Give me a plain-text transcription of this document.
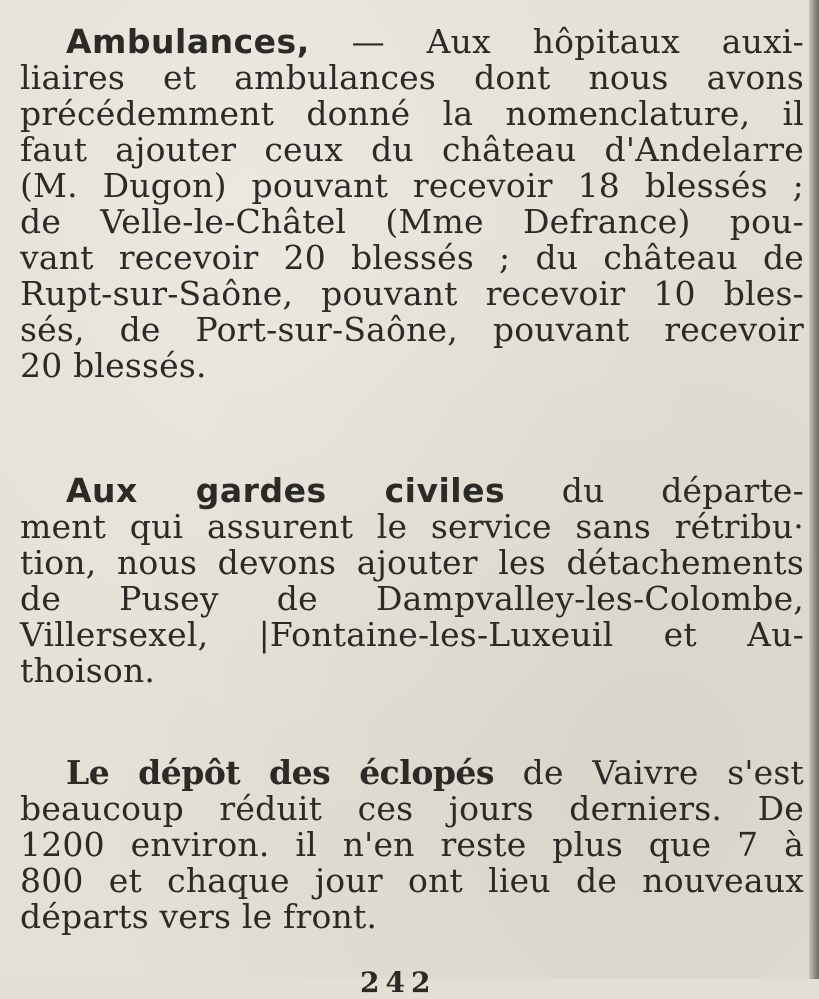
Ambulances, — Aux hôpitaux auxi-
liaires et ambulances dont nous avons
précédemment donné la nomenclature, il
faut ajouter ceux du château d'Andelarre
(M. Dugon) pouvant recevoir 18 blessés ;
de Velle-le-Châtel (Mme Defrance) pou-
vant recevoir 20 blessés ; du château de
Rupt-sur-Saône, pouvant recevoir 10 bles-
sés, de Port-sur-Saône, pouvant recevoir
20 blessés.
Aux gardes civiles du départe-
ment qui assurent le service sans rétribu·
tion, nous devons ajouter les détachements
de Pusey de Dampvalley-les-Colombe,
Villersexel, |Fontaine-les-Luxeuil et Au-
thoison.
Le dépôt des éclopés de Vaivre s'est
beaucoup réduit ces jours derniers. De
1200 environ. il n'en reste plus que 7 à
800 et chaque jour ont lieu de nouveaux
départs vers le front.
242
